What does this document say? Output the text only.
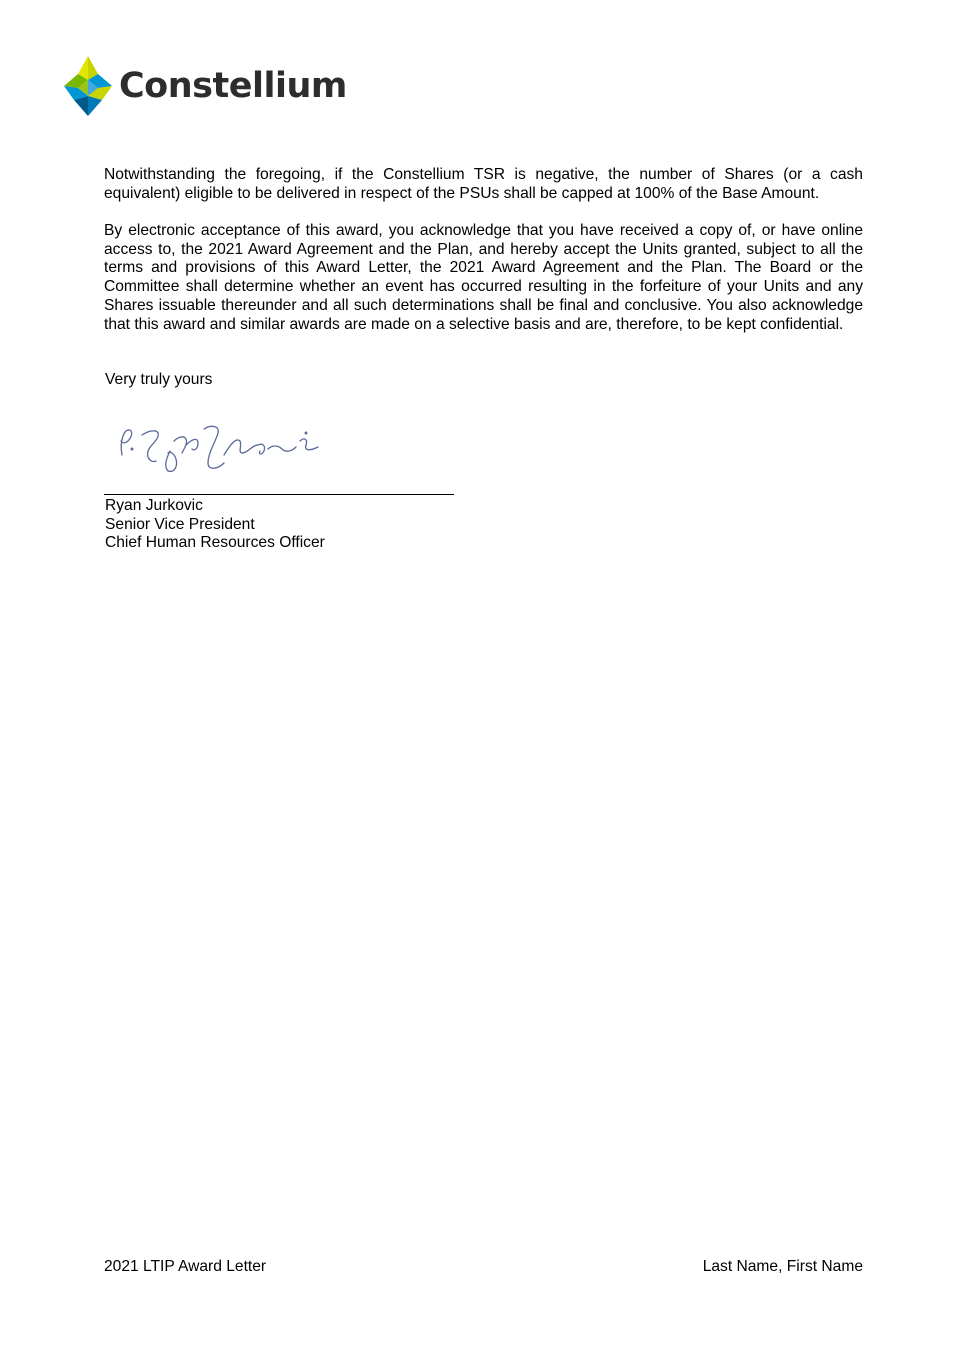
Constellium

Notwithstanding the foregoing, if the Constellium TSR is negative, the number of Shares (or a cash equivalent) eligible to be delivered in respect of the PSUs shall be capped at 100% of the Base Amount.

By electronic acceptance of this award, you acknowledge that you have received a copy of, or have online access to, the 2021 Award Agreement and the Plan, and hereby accept the Units granted, subject to all the terms and provisions of this Award Letter, the 2021 Award Agreement and the Plan. The Board or the Committee shall determine whether an event has occurred resulting in the forfeiture of your Units and any Shares issuable thereunder and all such determinations shall be final and conclusive. You also acknowledge that this award and similar awards are made on a selective basis and are, therefore, to be kept confidential.

Very truly yours

Ryan Jurkovic
Senior Vice President
Chief Human Resources Officer
2021 LTIP Award Letter	Last Name, First Name
